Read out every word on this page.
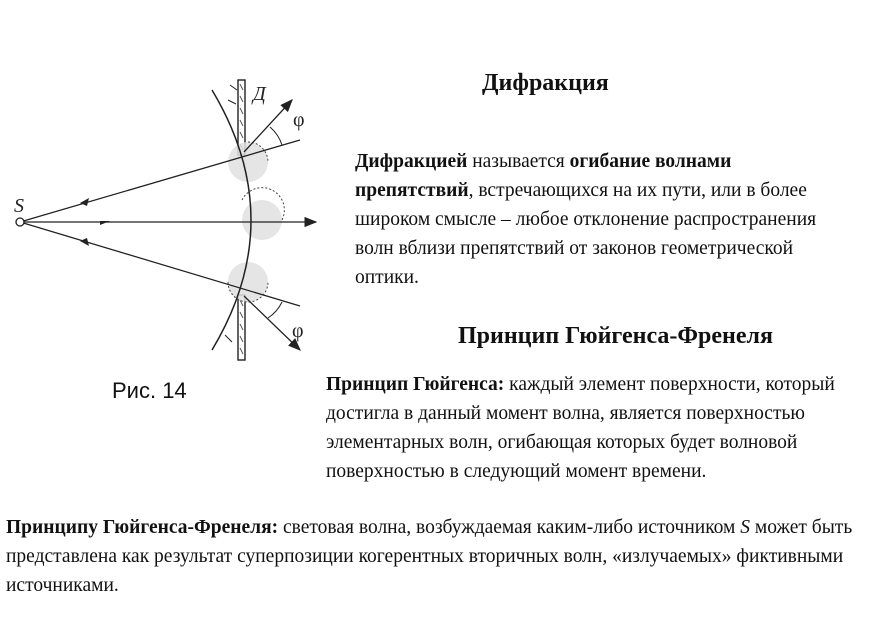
S
Д
φ
φ
Рис. 14
Дифракция
Дифракцией называется огибание волнами препятствий, встречающихся на их пути, или в более широком смысле – любое отклонение распространения волн вблизи препятствий от законов геометрической оптики.
Принцип Гюйгенса-Френеля
Принцип Гюйгенса: каждый элемент поверхности, который достигла в данный момент волна, является поверхностью элементарных волн, огибающая которых будет волновой поверхностью в следующий момент времени.
Принципу Гюйгенса-Френеля: световая волна, возбуждаемая каким-либо источником S может быть представлена как результат суперпозиции когерентных вторичных волн, «излучаемых» фиктивными источниками.
